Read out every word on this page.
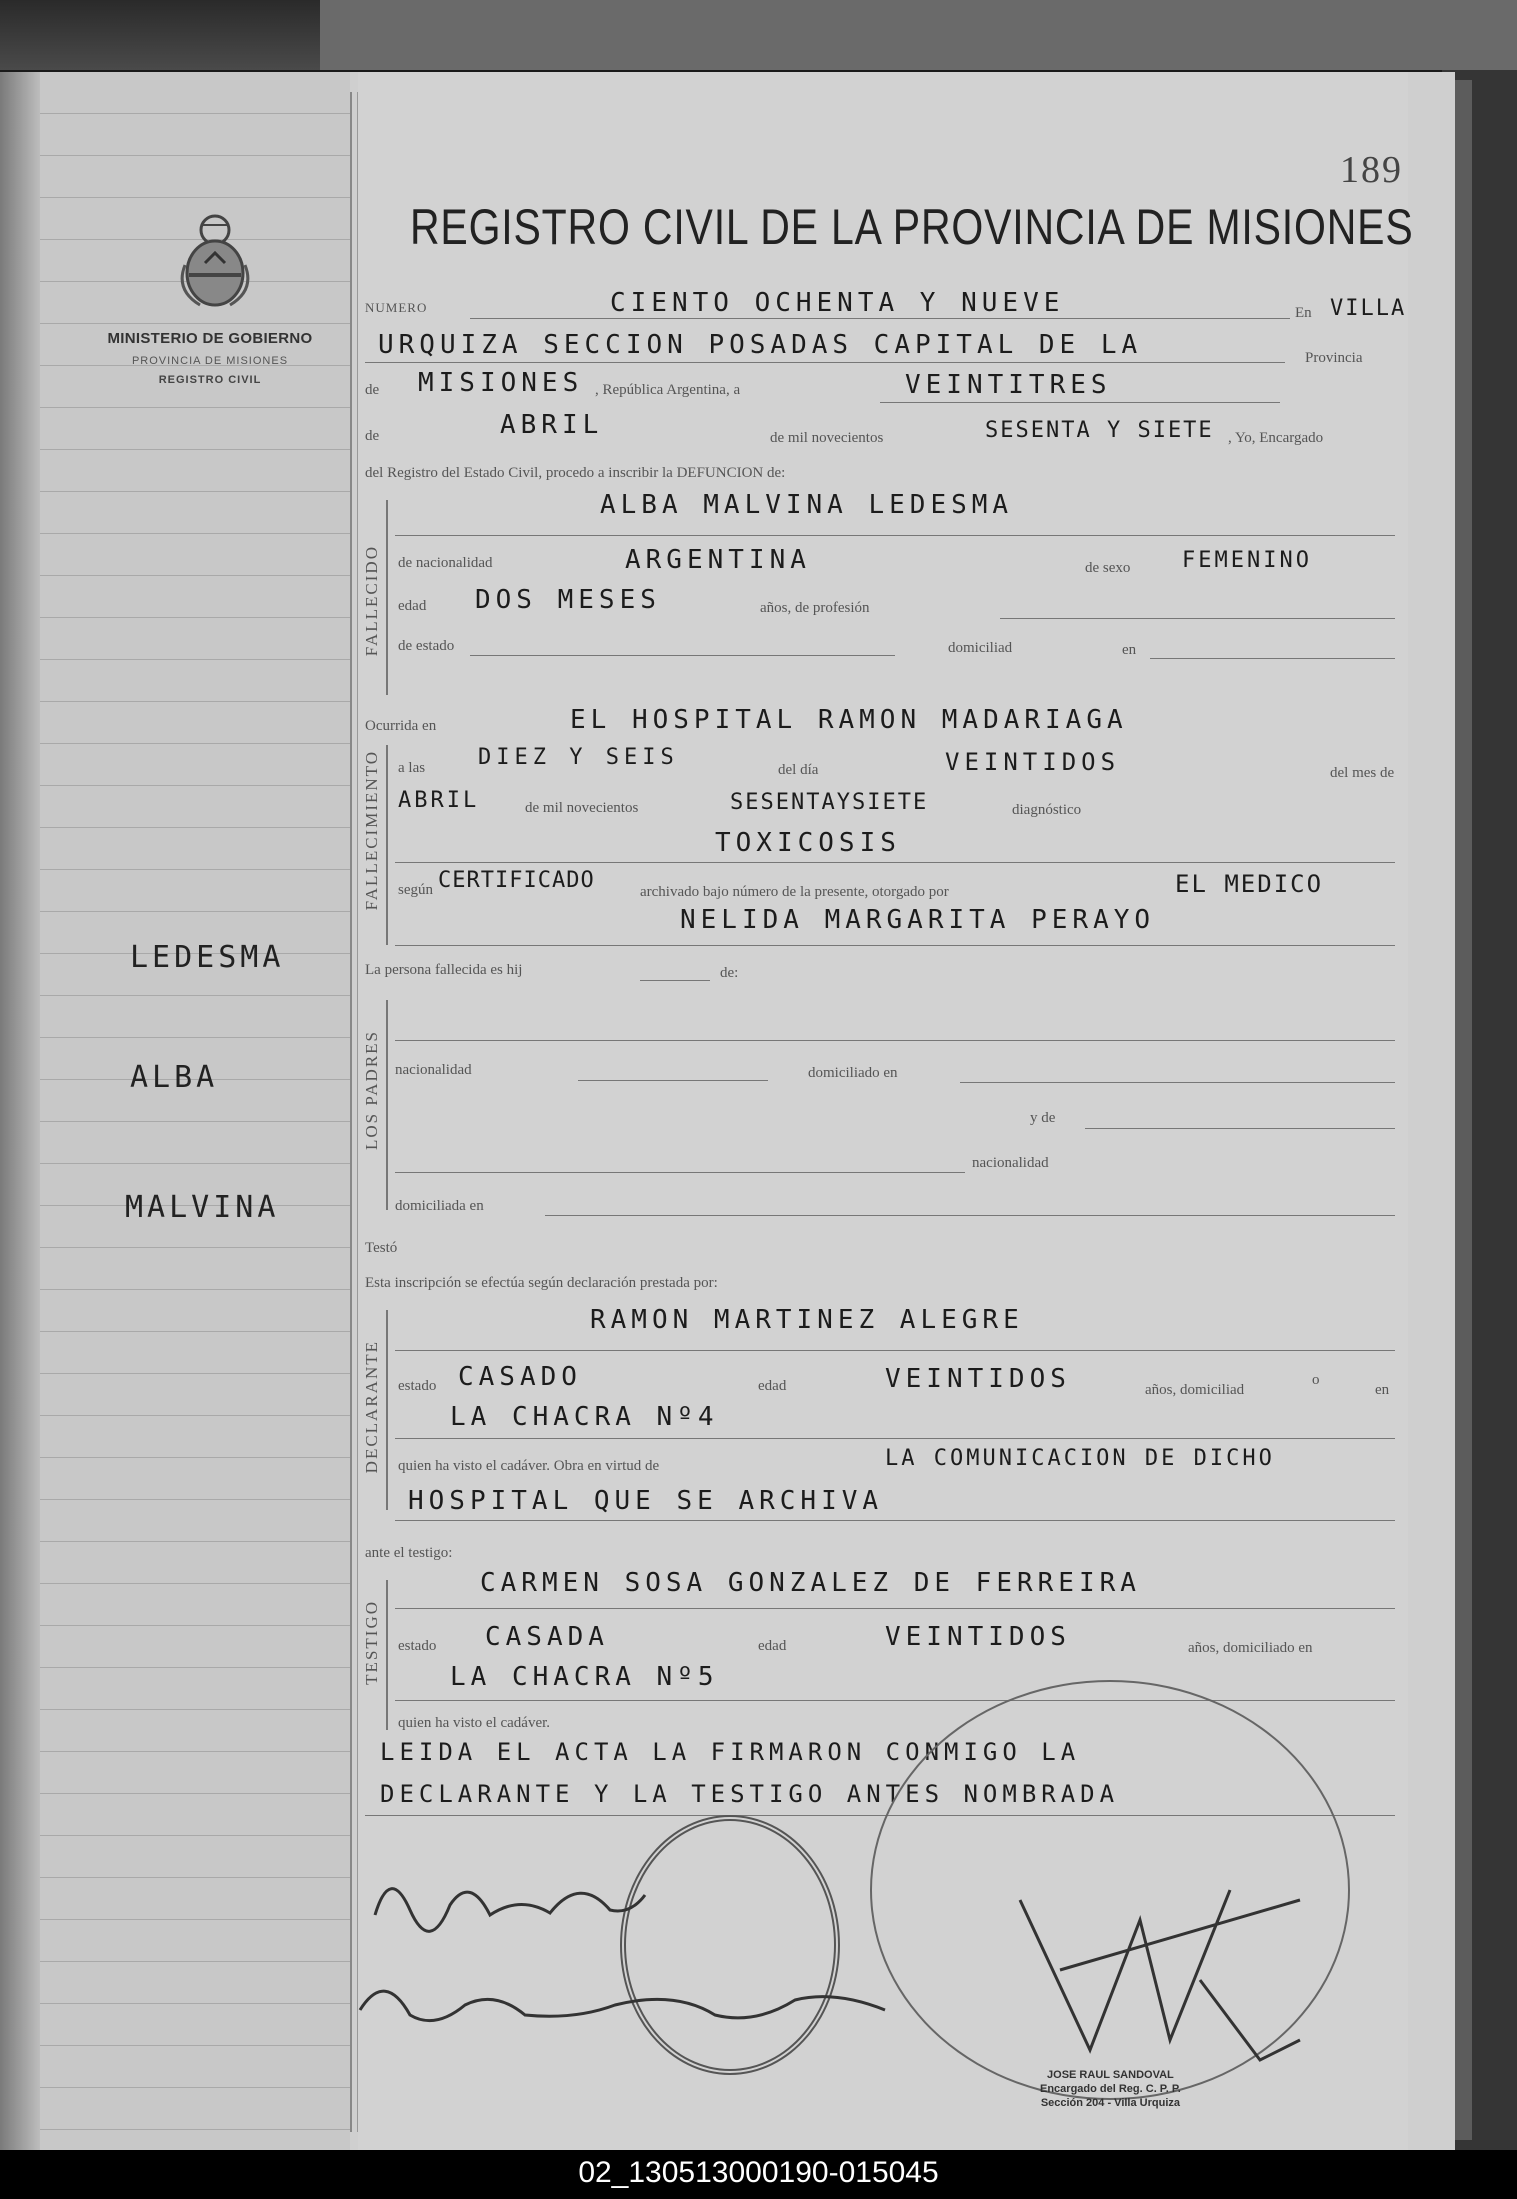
MINISTERIO DE GOBIERNO
PROVINCIA DE MISIONES
REGISTRO CIVIL
189
REGISTRO CIVIL DE LA PROVINCIA DE MISIONES
NUMERO	CIENTO OCHENTA Y NUEVE	En VILLA
URQUIZA SECCION POSADAS CAPITAL DE LA	Provincia
de MISIONES , República Argentina, a	VEINTITRES
de	ABRIL	de mil novecientos	SESENTA Y SIETE , Yo, Encargado
del Registro del Estado Civil, procedo a inscribir la DEFUNCION de:
FALLECIDO
ALBA MALVINA LEDESMA
de nacionalidad	ARGENTINA	de sexo FEMENINO
edad DOS MESES	años, de profesión
de estado	domiciliad	en
FALLECIMIENTO
Ocurrida en	EL HOSPITAL RAMON MADARIAGA
a las DIEZ Y SEIS	del día	VEINTIDOS	del mes de
ABRIL	de mil novecientos	SESENTAYSIETE	diagnóstico
TOXICOSIS
según CERTIFICADO	archivado bajo número de la presente, otorgado por	EL MEDICO
NELIDA MARGARITA PERAYO
La persona fallecida es hij	de:
LOS PADRES nacionalidad	domiciliado en
y de
nacionalidad
domiciliada en
Testó
Esta inscripción se efectúa según declaración prestada por:
DECLARANTE
RAMON MARTINEZ ALEGRE
estado CASADO	edad	VEINTIDOS	años, domiciliad
o
en
LA CHACRA Nº4
quien ha visto el cadáver. Obra en virtud de	LA COMUNICACION DE DICHO
HOSPITAL QUE SE ARCHIVA
ante el testigo:
TESTIGO
CARMEN SOSA GONZALEZ DE FERREIRA
estado CASADA	edad	VEINTIDOS	años, domiciliado en
LA CHACRA Nº5
quien ha visto el cadáver.
LEIDA EL ACTA LA FIRMARON CONMIGO LA
DECLARANTE Y LA TESTIGO ANTES NOMBRADA
LEDESMA
ALBA
MALVINA
JOSE RAUL SANDOVAL
Encargado del Reg. C. P. P.
Sección 204 - Villa Urquiza
02_130513000190-015045
